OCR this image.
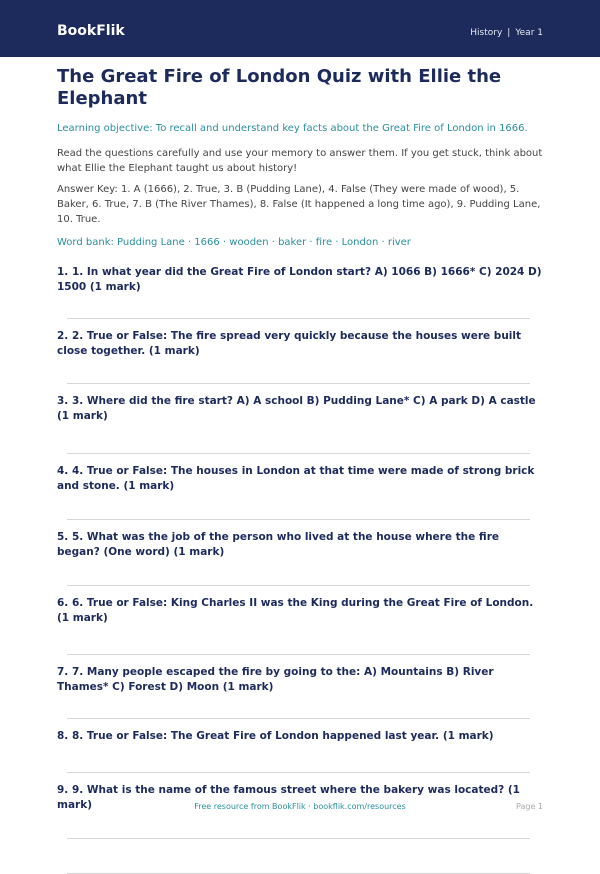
BookFlik	History | Year 1
The Great Fire of London Quiz with Ellie the Elephant
Learning objective: To recall and understand key facts about the Great Fire of London in 1666.
Read the questions carefully and use your memory to answer them. If you get stuck, think about what Ellie the Elephant taught us about history!
Answer Key: 1. A (1666), 2. True, 3. B (Pudding Lane), 4. False (They were made of wood), 5. Baker, 6. True, 7. B (The River Thames), 8. False (It happened a long time ago), 9. Pudding Lane, 10. True.
Word bank: Pudding Lane · 1666 · wooden · baker · fire · London · river
1. 1. In what year did the Great Fire of London start? A) 1066 B) 1666* C) 2024 D) 1500 (1 mark)
2. 2. True or False: The fire spread very quickly because the houses were built close together. (1 mark)
3. 3. Where did the fire start? A) A school B) Pudding Lane* C) A park D) A castle (1 mark)
4. 4. True or False: The houses in London at that time were made of strong brick and stone. (1 mark)
5. 5. What was the job of the person who lived at the house where the fire began? (One word) (1 mark)
6. 6. True or False: King Charles II was the King during the Great Fire of London. (1 mark)
7. 7. Many people escaped the fire by going to the: A) Mountains B) River Thames* C) Forest D) Moon (1 mark)
8. 8. True or False: The Great Fire of London happened last year. (1 mark)
9. 9. What is the name of the famous street where the bakery was located? (1 mark)	Free resource from BookFlik · bookflik.com/resources	Page 1
